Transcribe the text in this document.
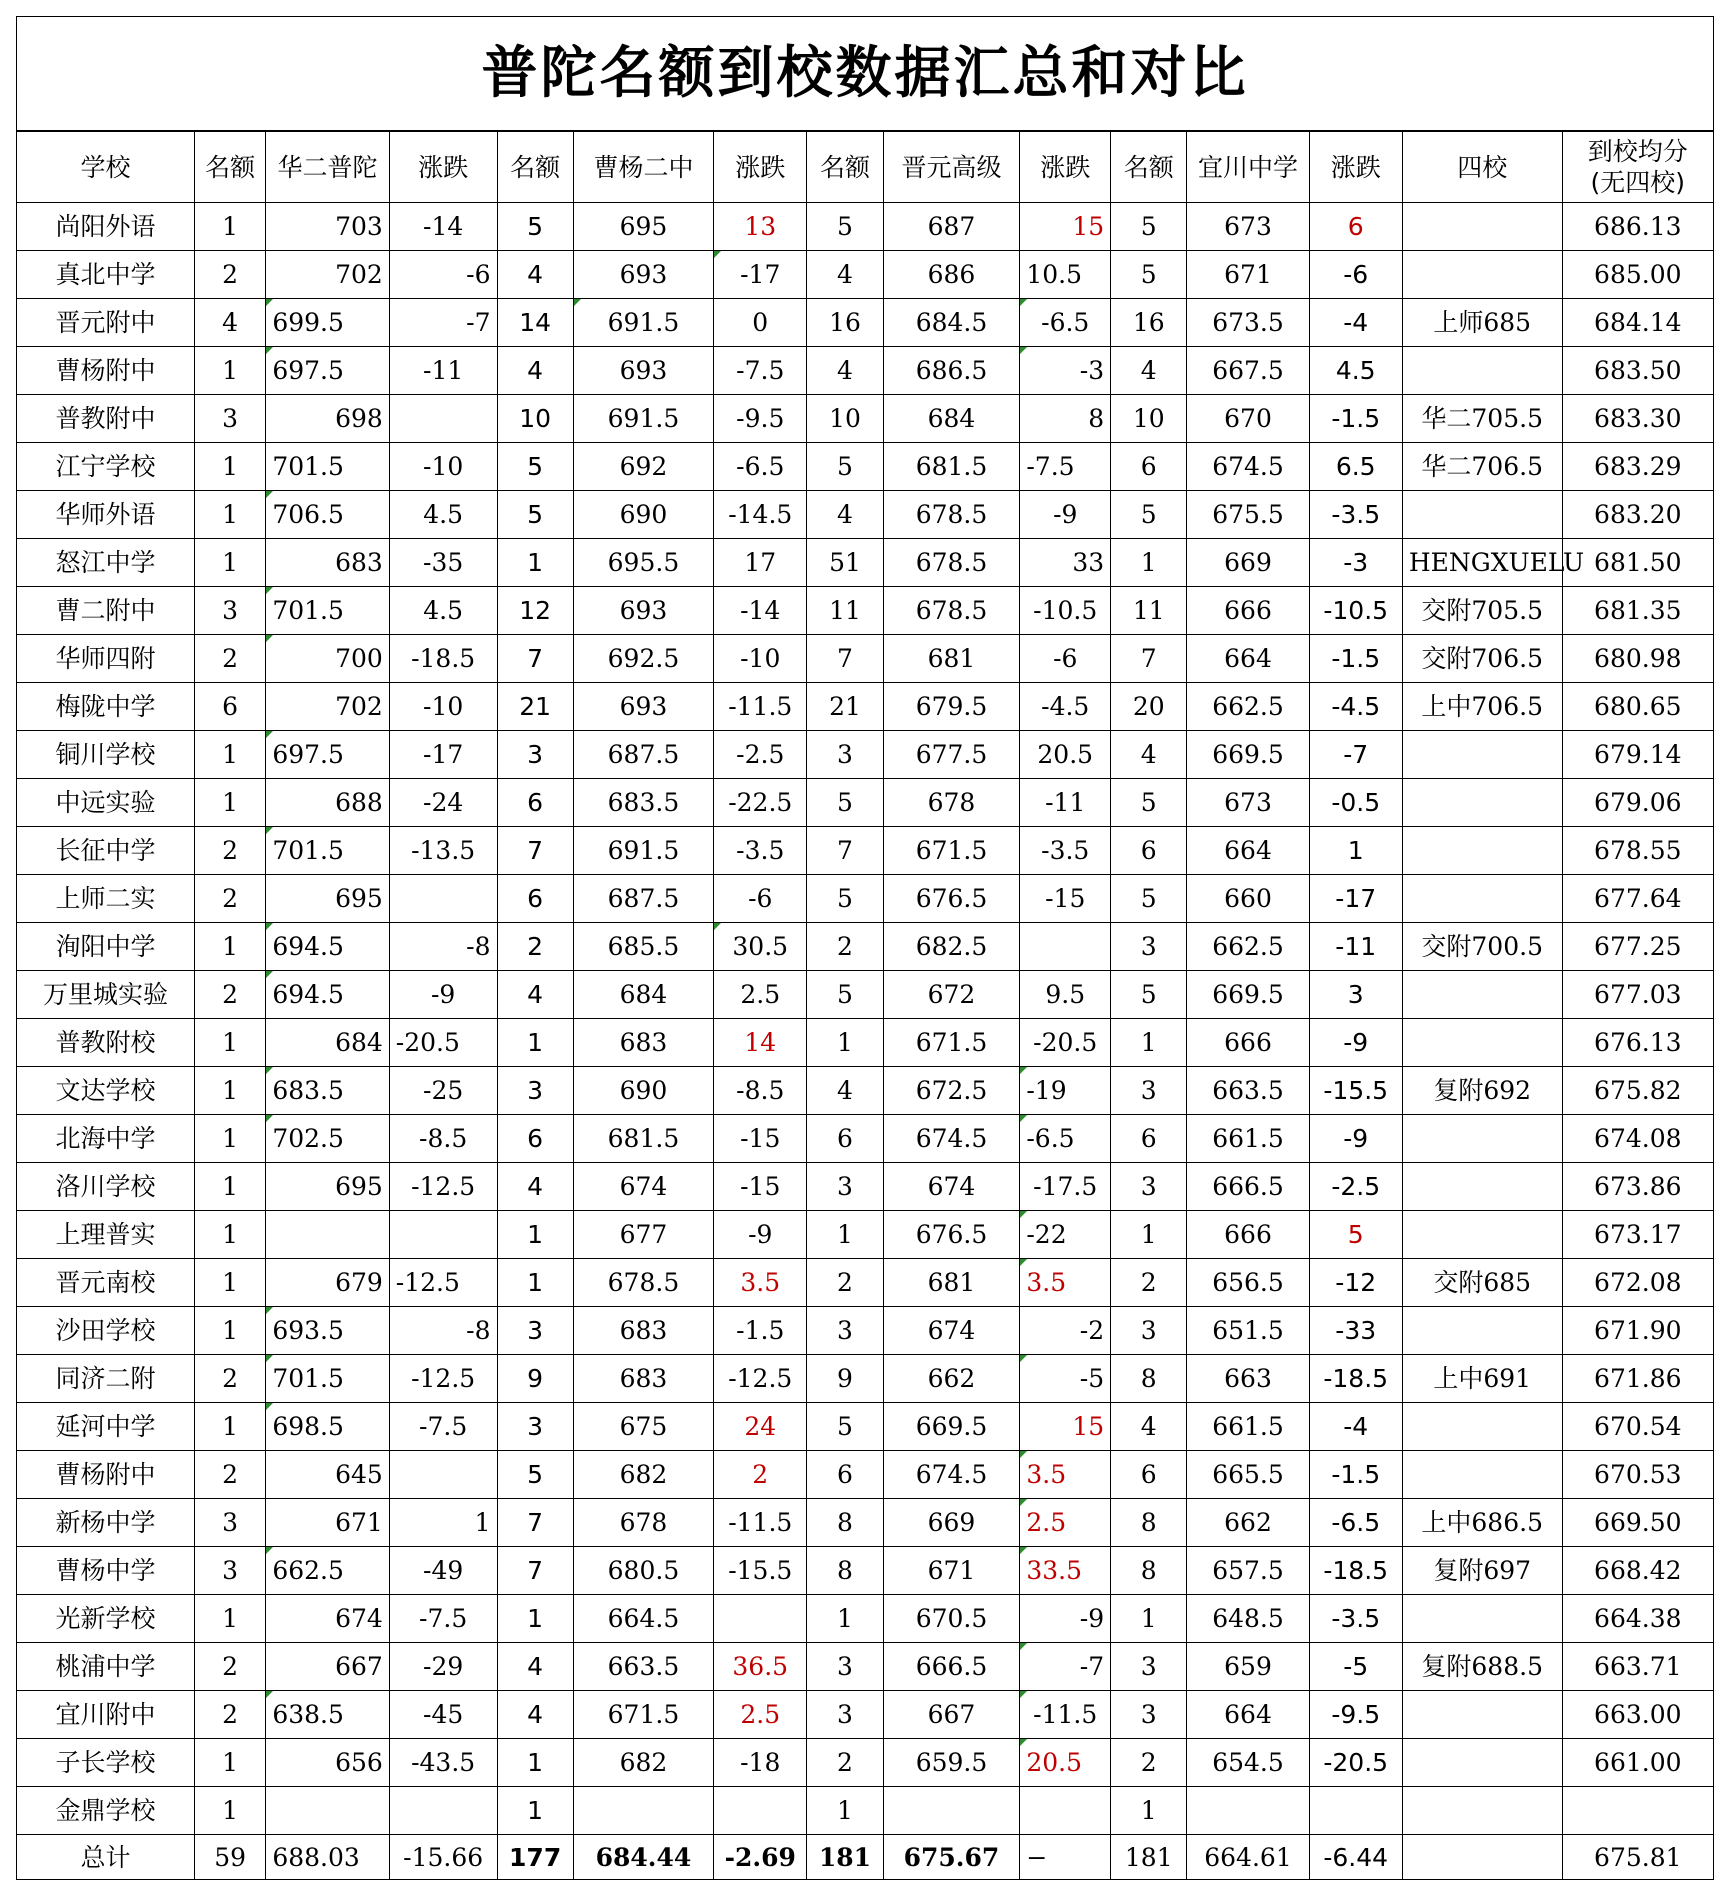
普陀名额到校数据汇总和对比														
学校	名额	华二普陀	涨跌	名额	曹杨二中	涨跌	名额	晋元高级	涨跌	名额	宜川中学	涨跌	四校	到校均分
(无四校)
尚阳外语	1	703	-14	5	695	13	5	687	15	5	673	6		686.13
真北中学	2	702	-6	4	693	-17	4	686	10.5	5	671	-6		685.00
晋元附中	4	699.5	-7	14	691.5	0	16	684.5	-6.5	16	673.5	-4	上师685	684.14
曹杨附中	1	697.5	-11	4	693	-7.5	4	686.5	-3	4	667.5	4.5		683.50
普教附中	3	698		10	691.5	-9.5	10	684	8	10	670	-1.5	华二705.5	683.30
江宁学校	1	701.5	-10	5	692	-6.5	5	681.5	-7.5	6	674.5	6.5	华二706.5	683.29
华师外语	1	706.5	4.5	5	690	-14.5	4	678.5	-9	5	675.5	-3.5		683.20
怒江中学	1	683	-35	1	695.5	17	51	678.5	33	1	669	-3	HENGXUELU	681.50
曹二附中	3	701.5	4.5	12	693	-14	11	678.5	-10.5	11	666	-10.5	交附705.5	681.35
华师四附	2	700	-18.5	7	692.5	-10	7	681	-6	7	664	-1.5	交附706.5	680.98
梅陇中学	6	702	-10	21	693	-11.5	21	679.5	-4.5	20	662.5	-4.5	上中706.5	680.65
铜川学校	1	697.5	-17	3	687.5	-2.5	3	677.5	20.5	4	669.5	-7		679.14
中远实验	1	688	-24	6	683.5	-22.5	5	678	-11	5	673	-0.5		679.06
长征中学	2	701.5	-13.5	7	691.5	-3.5	7	671.5	-3.5	6	664	1		678.55
上师二实	2	695		6	687.5	-6	5	676.5	-15	5	660	-17		677.64
洵阳中学	1	694.5	-8	2	685.5	30.5	2	682.5		3	662.5	-11	交附700.5	677.25
万里城实验	2	694.5	-9	4	684	2.5	5	672	9.5	5	669.5	3		677.03
普教附校	1	684	-20.5	1	683	14	1	671.5	-20.5	1	666	-9		676.13
文达学校	1	683.5	-25	3	690	-8.5	4	672.5	-19	3	663.5	-15.5	复附692	675.82
北海中学	1	702.5	-8.5	6	681.5	-15	6	674.5	-6.5	6	661.5	-9		674.08
洛川学校	1	695	-12.5	4	674	-15	3	674	-17.5	3	666.5	-2.5		673.86
上理普实	1			1	677	-9	1	676.5	-22	1	666	5		673.17
晋元南校	1	679	-12.5	1	678.5	3.5	2	681	3.5	2	656.5	-12	交附685	672.08
沙田学校	1	693.5	-8	3	683	-1.5	3	674	-2	3	651.5	-33		671.90
同济二附	2	701.5	-12.5	9	683	-12.5	9	662	-5	8	663	-18.5	上中691	671.86
延河中学	1	698.5	-7.5	3	675	24	5	669.5	15	4	661.5	-4		670.54
曹杨附中	2	645		5	682	2	6	674.5	3.5	6	665.5	-1.5		670.53
新杨中学	3	671	1	7	678	-11.5	8	669	2.5	8	662	-6.5	上中686.5	669.50
曹杨中学	3	662.5	-49	7	680.5	-15.5	8	671	33.5	8	657.5	-18.5	复附697	668.42
光新学校	1	674	-7.5	1	664.5		1	670.5	-9	1	648.5	-3.5		664.38
桃浦中学	2	667	-29	4	663.5	36.5	3	666.5	-7	3	659	-5	复附688.5	663.71
宜川附中	2	638.5	-45	4	671.5	2.5	3	667	-11.5	3	664	-9.5		663.00
子长学校	1	656	-43.5	1	682	-18	2	659.5	20.5	2	654.5	-20.5		661.00
金鼎学校	1			1			1			1				
总计	59	688.03	-15.66	177	684.44	-2.69	181	675.67	−	181	664.61	-6.44		675.81
